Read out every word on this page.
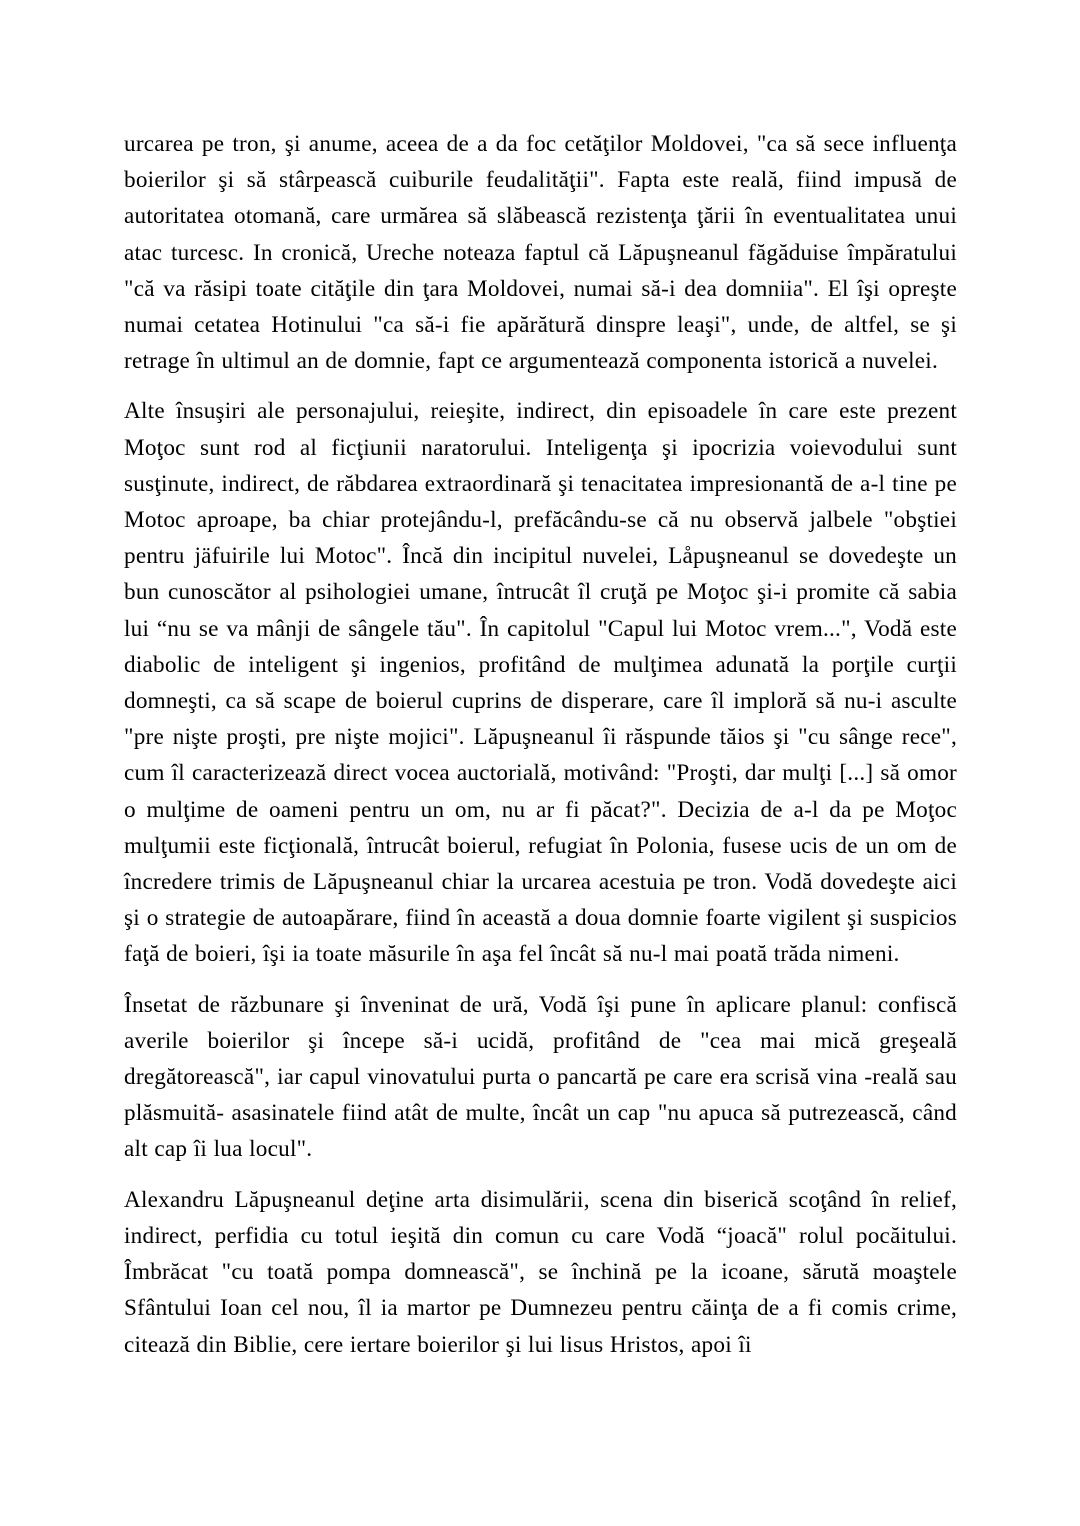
urcarea pe tron, şi anume, aceea de a da foc cetăţilor Moldovei, "ca să sece influenţa boierilor şi să stârpească cuiburile feudalităţii". Fapta este reală, fiind impusă de autoritatea otomană, care urmărea să slăbească rezistenţa ţării în eventualitatea unui atac turcesc. In cronică, Ureche noteaza faptul că Lăpuşneanul făgăduise împăratului "că va răsipi toate cităţile din ţara Moldovei, numai să-i dea domniia". El îşi opreşte numai cetatea Hotinului "ca să-i fie apărătură dinspre leaşi", unde, de altfel, se şi retrage în ultimul an de domnie, fapt ce argumentează componenta istorică a nuvelei.

Alte însuşiri ale personajului, reieşite, indirect, din episoadele în care este prezent Moţoc sunt rod al ficţiunii naratorului. Inteligenţa şi ipocrizia voievodului sunt susţinute, indirect, de răbdarea extraordinară şi tenacitatea impresionantă de a-l tine pe Motoc aproape, ba chiar protejându-l, prefăcându-se că nu observă jalbele "obştiei pentru jäfuirile lui Motoc". Încă din incipitul nuvelei, Låpuşneanul se dovedeşte un bun cunoscător al psihologiei umane, întrucât îl cruţă pe Moţoc şi-i promite că sabia lui “nu se va mânji de sângele tău". În capitolul "Capul lui Motoc vrem...", Vodă este diabolic de inteligent şi ingenios, profitând de mulţimea adunată la porţile curţii domneşti, ca să scape de boierul cuprins de disperare, care îl imploră să nu-i asculte "pre nişte proşti, pre nişte mojici". Lăpuşneanul îi răspunde tăios şi "cu sânge rece", cum îl caracterizează direct vocea auctorială, motivând: "Proşti, dar mulţi [...] să omor o mulţime de oameni pentru un om, nu ar fi păcat?". Decizia de a-l da pe Moţoc mulţumii este ficţională, întrucât boierul, refugiat în Polonia, fusese ucis de un om de încredere trimis de Lăpuşneanul chiar la urcarea acestuia pe tron. Vodă dovedeşte aici şi o strategie de autoapărare, fiind în această a doua domnie foarte vigilent şi suspicios faţă de boieri, îşi ia toate măsurile în aşa fel încât să nu-l mai poată trăda nimeni.

Însetat de răzbunare şi înveninat de ură, Vodă îşi pune în aplicare planul: confiscă averile boierilor şi începe să-i ucidă, profitând de "cea mai mică greşeală dregătorească", iar capul vinovatului purta o pancartă pe care era scrisă vina -reală sau plăsmuită- asasinatele fiind atât de multe, încât un cap "nu apuca să putrezească, când alt cap îi lua locul".

Alexandru Lăpuşneanul deţine arta disimulării, scena din biserică scoţând în relief, indirect, perfidia cu totul ieşită din comun cu care Vodă “joacă" rolul pocăitului. Îmbrăcat "cu toată pompa domnească", se închină pe la icoane, sărută moaştele Sfântului Ioan cel nou, îl ia martor pe Dumnezeu pentru căinţa de a fi comis crime, citează din Biblie, cere iertare boierilor şi lui lisus Hristos, apoi îi
